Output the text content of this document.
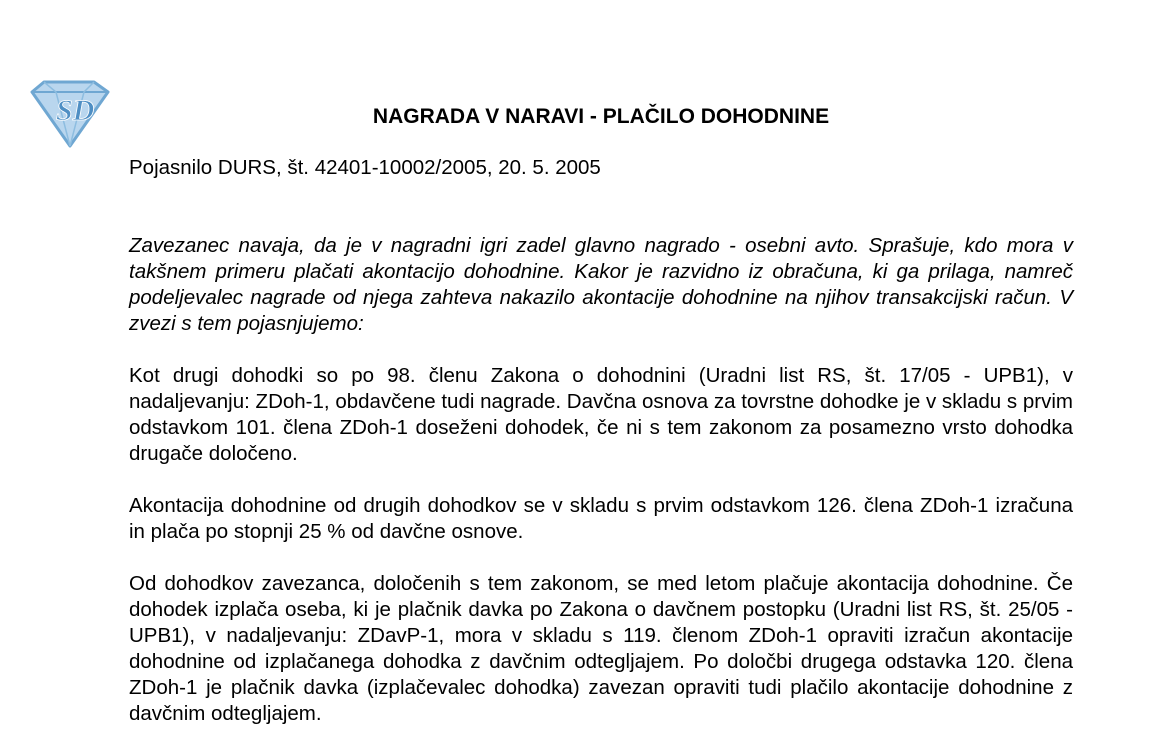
SD	NAGRADA V NARAVI - PLAČILO DOHODNINE
Pojasnilo DURS, št. 42401-10002/2005, 20. 5. 2005

Zavezanec navaja, da je v nagradni igri zadel glavno nagrado - osebni avto. Sprašuje, kdo mora v takšnem primeru plačati akontacijo dohodnine. Kakor je razvidno iz obračuna, ki ga prilaga, namreč podeljevalec nagrade od njega zahteva nakazilo akontacije dohodnine na njihov transakcijski račun. V zvezi s tem pojasnjujemo:

Kot drugi dohodki so po 98. členu Zakona o dohodnini (Uradni list RS, št. 17/05 - UPB1), v nadaljevanju: ZDoh-1, obdavčene tudi nagrade. Davčna osnova za tovrstne dohodke je v skladu s prvim odstavkom 101. člena ZDoh-1 doseženi dohodek, če ni s tem zakonom za posamezno vrsto dohodka drugače določeno.

Akontacija dohodnine od drugih dohodkov se v skladu s prvim odstavkom 126. člena ZDoh-1 izračuna in plača po stopnji 25 % od davčne osnove.

Od dohodkov zavezanca, določenih s tem zakonom, se med letom plačuje akontacija dohodnine. Če dohodek izplača oseba, ki je plačnik davka po Zakona o davčnem postopku (Uradni list RS, št. 25/05 - UPB1), v nadaljevanju: ZDavP-1, mora v skladu s 119. členom ZDoh-1 opraviti izračun akontacije dohodnine od izplačanega dohodka z davčnim odtegljajem. Po določbi drugega odstavka 120. člena ZDoh-1 je plačnik davka (izplačevalec dohodka) zavezan opraviti tudi plačilo akontacije dohodnine z davčnim odtegljajem.
